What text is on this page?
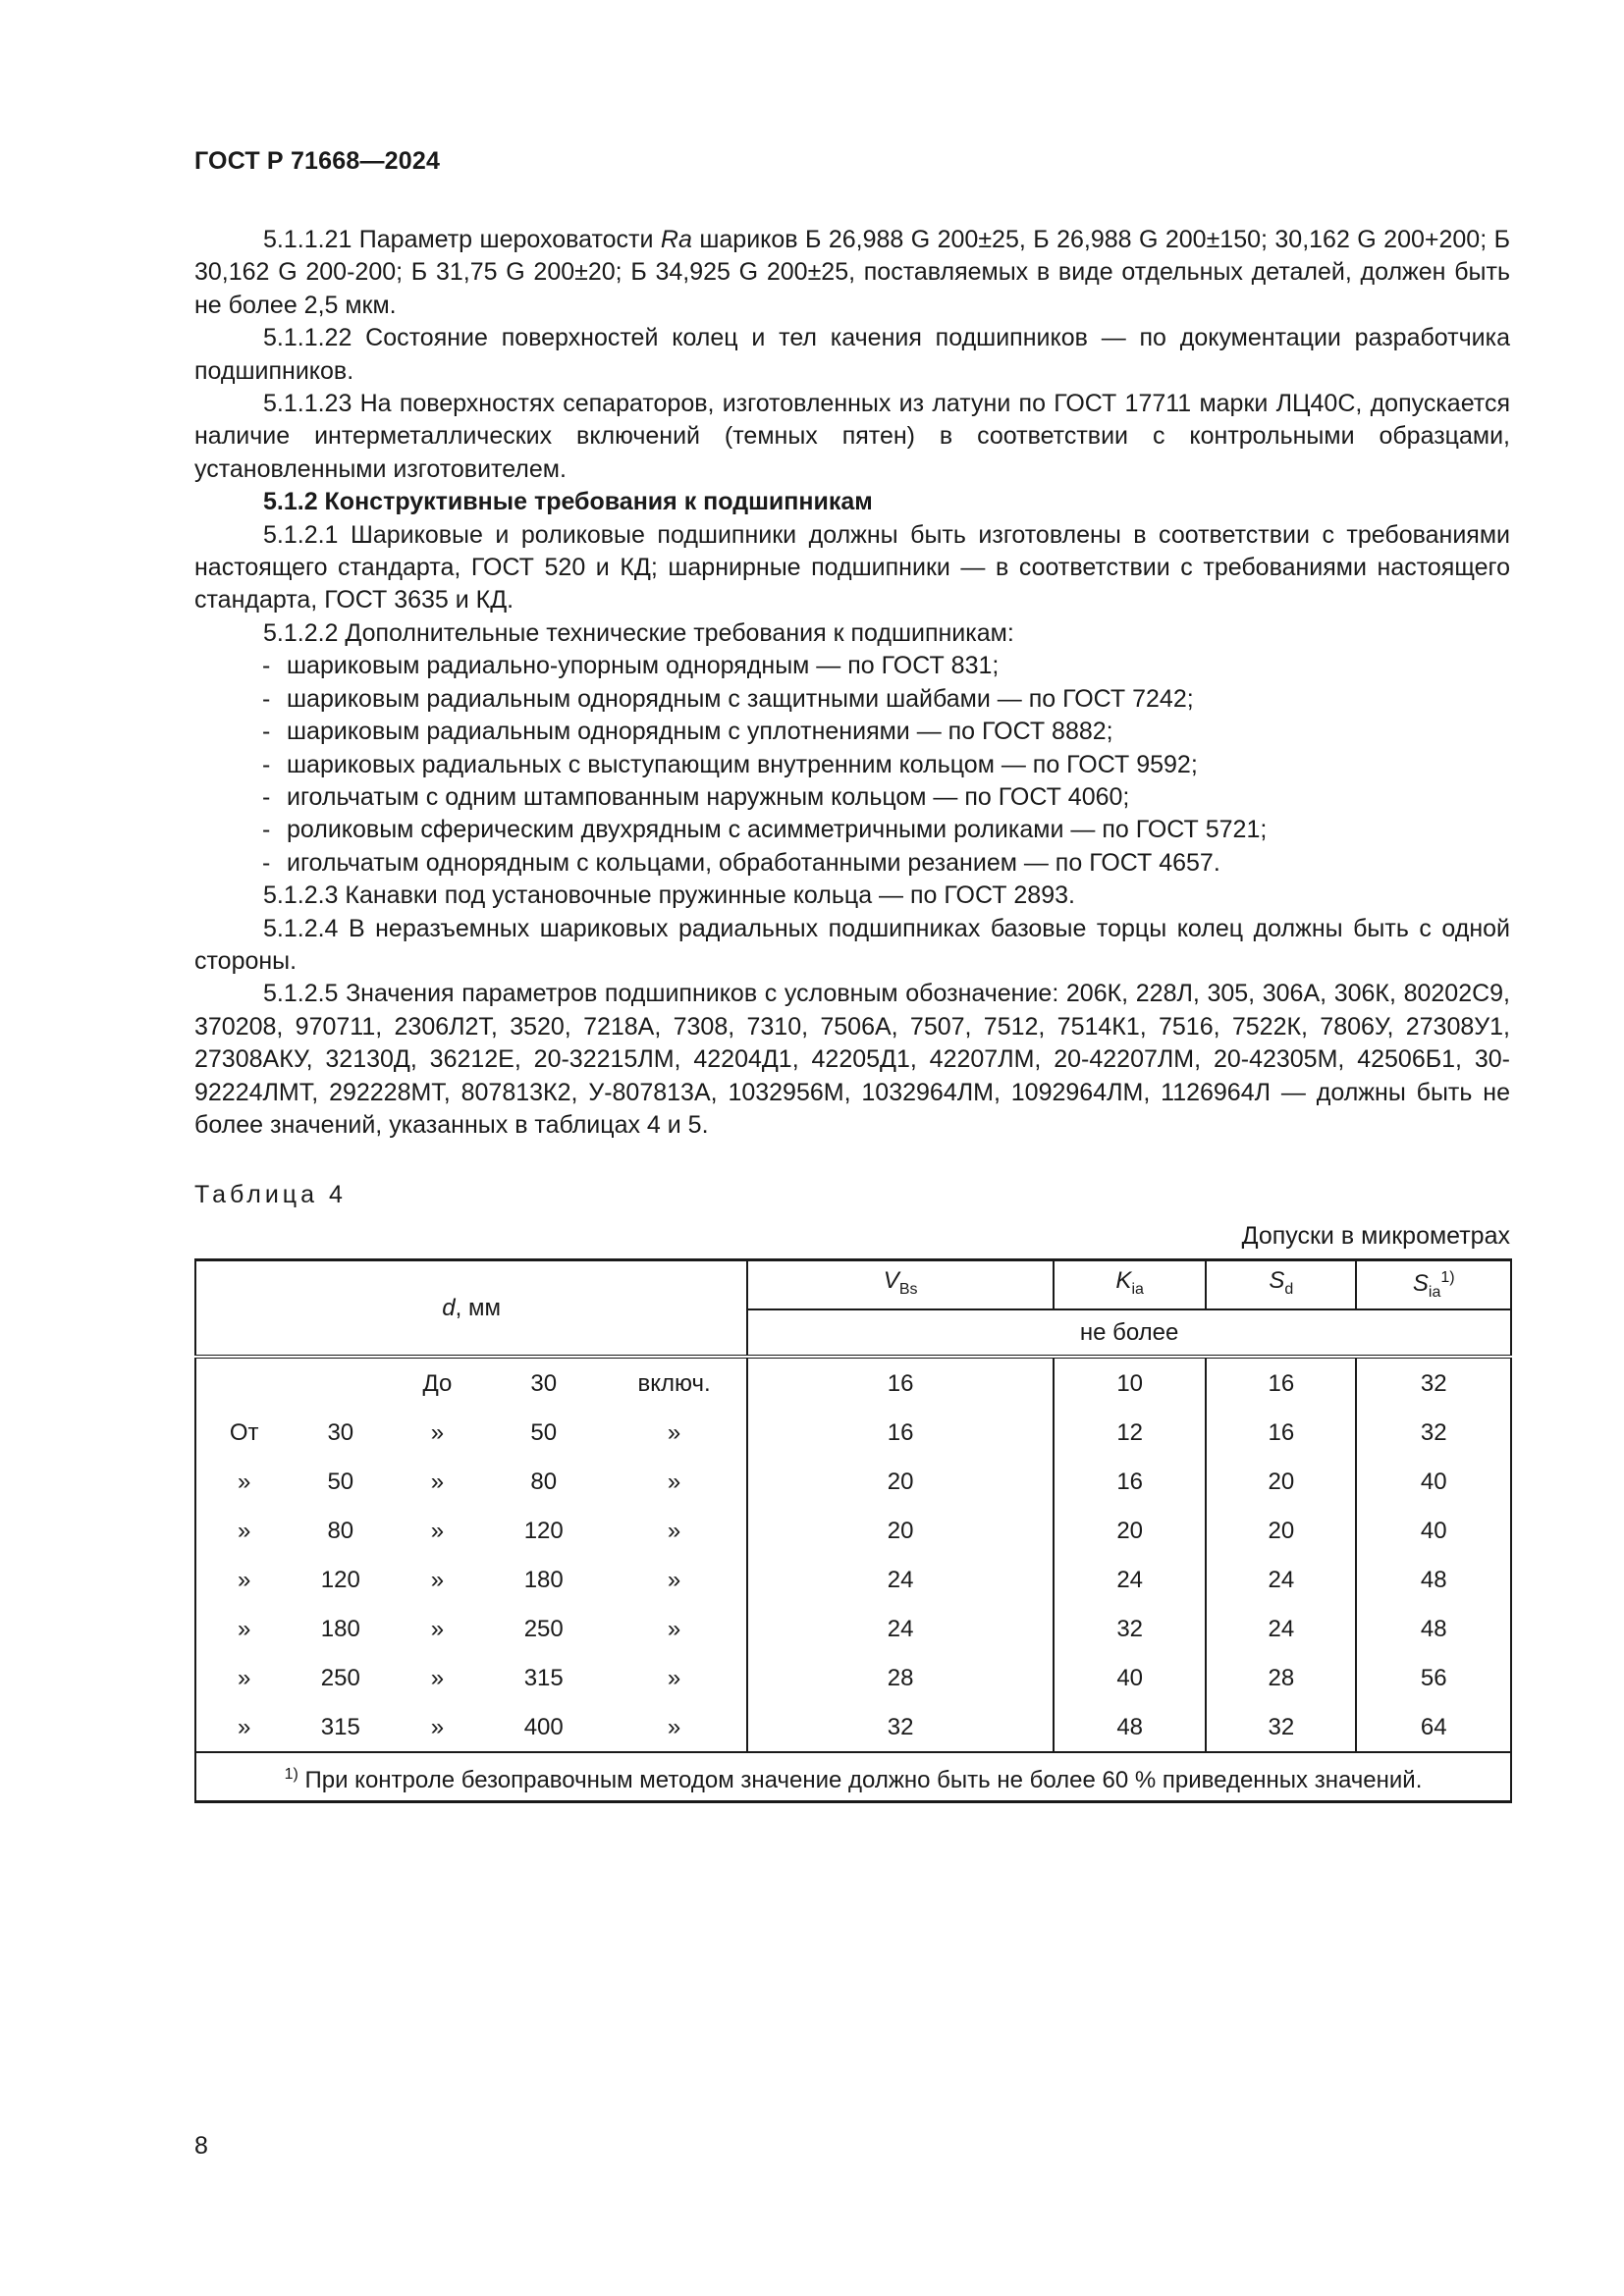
ГОСТ Р 71668—2024

5.1.1.21 Параметр шероховатости Ra шариков Б 26,988 G 200±25, Б 26,988 G 200±150; 30,162 G 200+200; Б 30,162 G 200-200; Б 31,75 G 200±20; Б 34,925 G 200±25, поставляемых в виде отдельных деталей, должен быть не более 2,5 мкм.

5.1.1.22 Состояние поверхностей колец и тел качения подшипников — по документации разработчика подшипников.

5.1.1.23 На поверхностях сепараторов, изготовленных из латуни по ГОСТ 17711 марки ЛЦ40С, допускается наличие интерметаллических включений (темных пятен) в соответствии с контрольными образцами, установленными изготовителем.

5.1.2 Конструктивные требования к подшипникам

5.1.2.1 Шариковые и роликовые подшипники должны быть изготовлены в соответствии с требованиями настоящего стандарта, ГОСТ 520 и КД; шарнирные подшипники — в соответствии с требованиями настоящего стандарта, ГОСТ 3635 и КД.

5.1.2.2 Дополнительные технические требования к подшипникам:

- шариковым радиально-упорным однорядным — по ГОСТ 831;
- шариковым радиальным однорядным с защитными шайбами — по ГОСТ 7242;
- шариковым радиальным однорядным с уплотнениями — по ГОСТ 8882;
- шариковых радиальных с выступающим внутренним кольцом — по ГОСТ 9592;
- игольчатым с одним штампованным наружным кольцом — по ГОСТ 4060;
- роликовым сферическим двухрядным с асимметричными роликами — по ГОСТ 5721;
- игольчатым однорядным с кольцами, обработанными резанием — по ГОСТ 4657.

5.1.2.3 Канавки под установочные пружинные кольца — по ГОСТ 2893.

5.1.2.4 В неразъемных шариковых радиальных подшипниках базовые торцы колец должны быть с одной стороны.

5.1.2.5 Значения параметров подшипников с условным обозначение: 206К, 228Л, 305, 306А, 306К, 80202С9, 370208, 970711, 2306Л2Т, 3520, 7218А, 7308, 7310, 7506А, 7507, 7512, 7514К1, 7516, 7522К, 7806У, 27308У1, 27308АКУ, 32130Д, 36212Е, 20-32215ЛМ, 42204Д1, 42205Д1, 42207ЛМ, 20-42207ЛМ, 20-42305М, 42506Б1, 30-92224ЛМТ, 292228МТ, 807813К2, У-807813А, 1032956М, 1032964ЛМ, 1092964ЛМ, 1126964Л — должны быть не более значений, указанных в таблицах 4 и 5.

Таблица 4
Допуски в микрометрах
d, мм					$V_{Bs}$	$K_{ia}$	$S_d$	$S_{ia}^{1)}$
					не более			
		До	30	включ.	16	10	16	32
От	30	»	50	»	16	12	16	32
»	50	»	80	»	20	16	20	40
»	80	»	120	»	20	20	20	40
»	120	»	180	»	24	24	24	48
»	180	»	250	»	24	32	24	48
»	250	»	315	»	28	40	28	56
»	315	»	400	»	32	48	32	64
$^{1)}$ При контроле безоправочным методом значение должно быть не более 60 % приведенных значений.								
8
